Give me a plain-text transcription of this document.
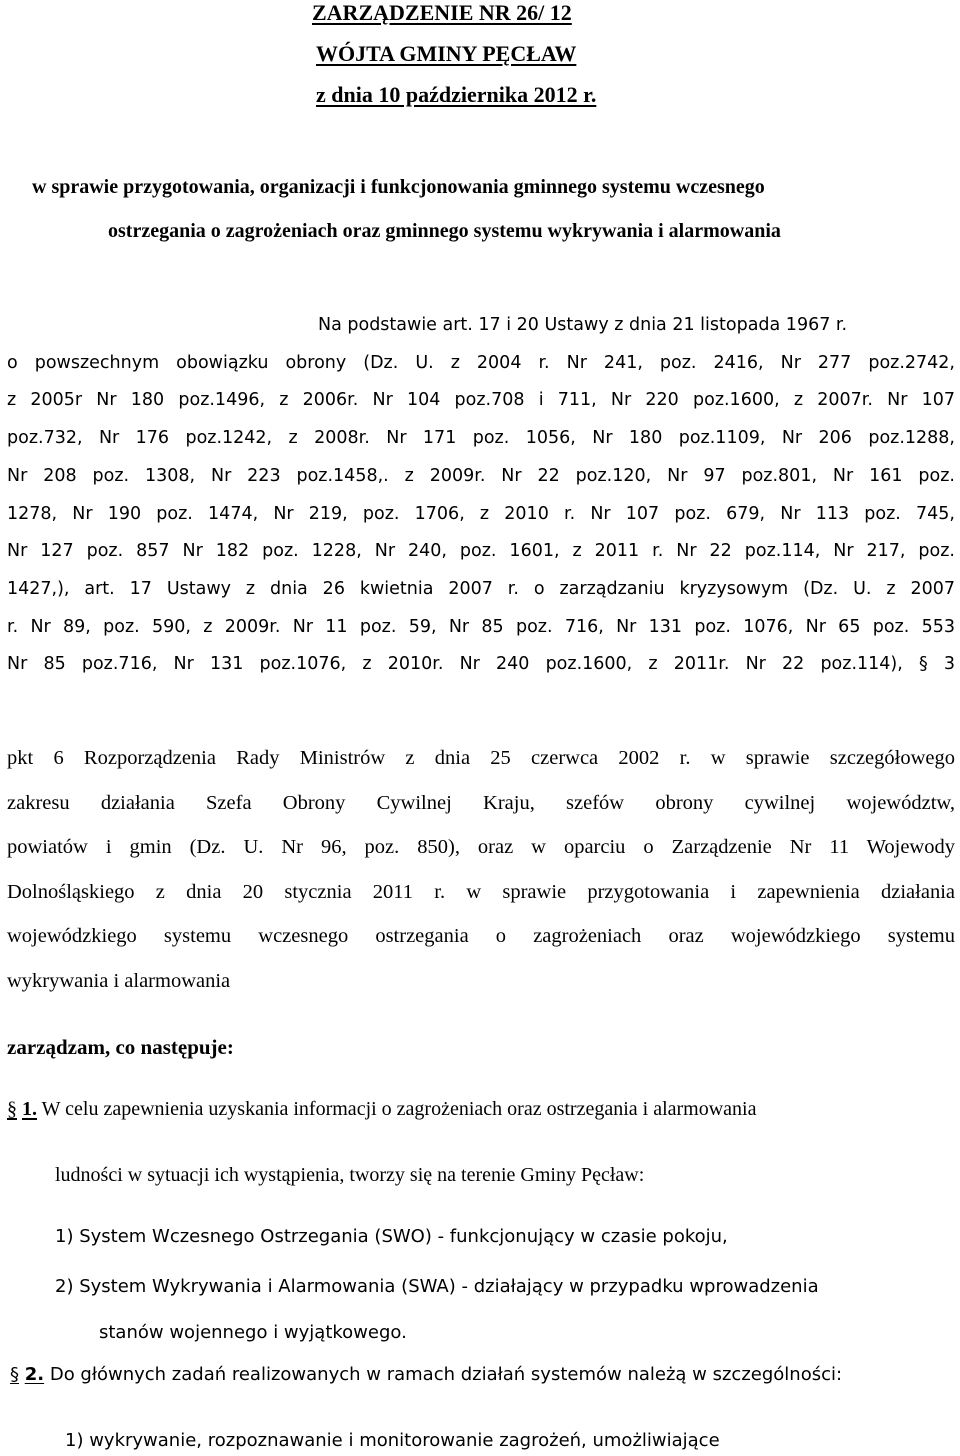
ZARZĄDZENIE NR 26/ 12
WÓJTA GMINY PĘCŁAW
z dnia 10 października 2012 r.
w sprawie przygotowania, organizacji i funkcjonowania gminnego systemu wczesnego
ostrzegania o zagrożeniach oraz gminnego systemu wykrywania i alarmowania

Na podstawie art. 17 i 20 Ustawy z dnia 21 listopada 1967 r.

o powszechnym obowiązku obrony (Dz. U. z 2004 r. Nr 241, poz. 2416, Nr 277 poz.2742,

z 2005r Nr 180 poz.1496, z 2006r. Nr 104 poz.708 i 711, Nr 220 poz.1600, z 2007r. Nr 107

poz.732, Nr 176 poz.1242, z 2008r. Nr 171 poz. 1056, Nr 180 poz.1109, Nr 206 poz.1288,

Nr 208 poz. 1308, Nr 223 poz.1458,. z 2009r. Nr 22 poz.120, Nr 97 poz.801, Nr 161 poz.

1278, Nr 190 poz. 1474, Nr 219, poz. 1706, z 2010 r. Nr 107 poz. 679, Nr 113 poz. 745,

Nr 127 poz. 857 Nr 182 poz. 1228, Nr 240, poz. 1601, z 2011 r. Nr 22 poz.114, Nr 217, poz.

1427,), art. 17 Ustawy z dnia 26 kwietnia 2007 r. o zarządzaniu kryzysowym (Dz. U. z 2007

r. Nr 89, poz. 590, z 2009r. Nr 11 poz. 59, Nr 85 poz. 716, Nr 131 poz. 1076, Nr 65 poz. 553

Nr 85 poz.716, Nr 131 poz.1076, z 2010r. Nr 240 poz.1600, z 2011r. Nr 22 poz.114), § 3

pkt 6 Rozporządzenia Rady Ministrów z dnia 25 czerwca 2002 r. w sprawie szczegółowego

zakresu działania Szefa Obrony Cywilnej Kraju, szefów obrony cywilnej województw,

powiatów i gmin (Dz. U. Nr 96, poz. 850), oraz w oparciu o Zarządzenie Nr 11 Wojewody

Dolnośląskiego z dnia 20 stycznia 2011 r. w sprawie przygotowania i zapewnienia działania

wojewódzkiego systemu wczesnego ostrzegania o zagrożeniach oraz wojewódzkiego systemu

wykrywania i alarmowania

zarządzam, co następuje:
§ 1. W celu zapewnienia uzyskania informacji o zagrożeniach oraz ostrzegania i alarmowania
ludności w sytuacji ich wystąpienia, tworzy się na terenie Gminy Pęcław:
1) System Wczesnego Ostrzegania (SWO) - funkcjonujący w czasie pokoju,
2) System Wykrywania i Alarmowania (SWA) - działający w przypadku wprowadzenia
stanów wojennego i wyjątkowego.
§ 2. Do głównych zadań realizowanych w ramach działań systemów należą w szczególności:
1) wykrywanie, rozpoznawanie i monitorowanie zagrożeń, umożliwiające
